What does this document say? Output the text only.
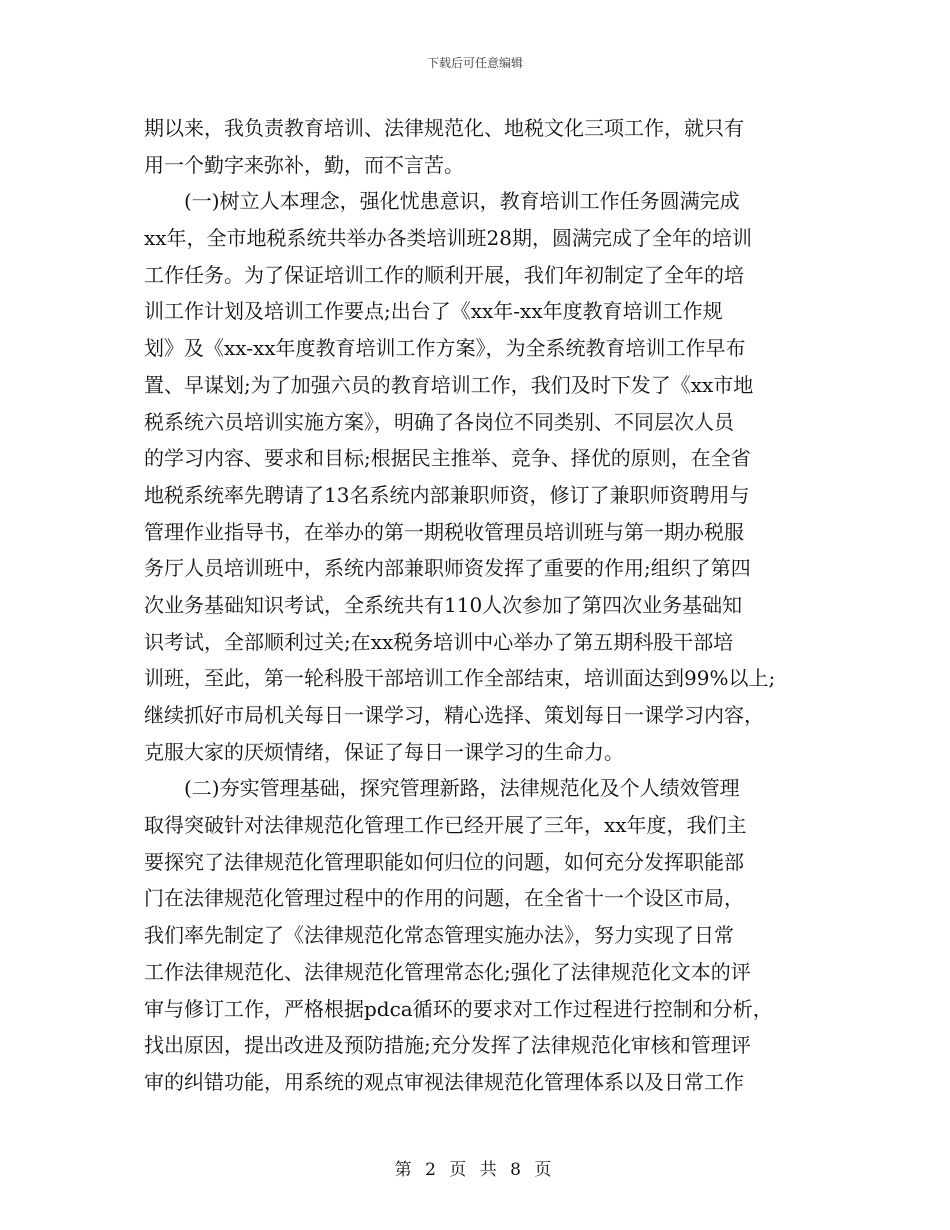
下载后可任意编辑
期以来，我负责教育培训、法律规范化、地税文化三项工作，就只有
用一个勤字来弥补，勤，而不言苦。
(一)树立人本理念，强化忧患意识，教育培训工作任务圆满完成
xx年，全市地税系统共举办各类培训班28期，圆满完成了全年的培训
工作任务。为了保证培训工作的顺利开展，我们年初制定了全年的培
训工作计划及培训工作要点;出台了《xx年-xx年度教育培训工作规
划》及《xx-xx年度教育培训工作方案》，为全系统教育培训工作早布
置、早谋划;为了加强六员的教育培训工作，我们及时下发了《xx市地
税系统六员培训实施方案》，明确了各岗位不同类别、不同层次人员
的学习内容、要求和目标;根据民主推举、竞争、择优的原则，在全省
地税系统率先聘请了13名系统内部兼职师资，修订了兼职师资聘用与
管理作业指导书，在举办的第一期税收管理员培训班与第一期办税服
务厅人员培训班中，系统内部兼职师资发挥了重要的作用;组织了第四
次业务基础知识考试，全系统共有110人次参加了第四次业务基础知
识考试，全部顺利过关;在xx税务培训中心举办了第五期科股干部培
训班，至此，第一轮科股干部培训工作全部结束，培训面达到99%以上;
继续抓好市局机关每日一课学习，精心选择、策划每日一课学习内容，
克服大家的厌烦情绪，保证了每日一课学习的生命力。
(二)夯实管理基础，探究管理新路，法律规范化及个人绩效管理
取得突破针对法律规范化管理工作已经开展了三年，xx年度，我们主
要探究了法律规范化管理职能如何归位的问题，如何充分发挥职能部
门在法律规范化管理过程中的作用的问题，在全省十一个设区市局，
我们率先制定了《法律规范化常态管理实施办法》，努力实现了日常
工作法律规范化、法律规范化管理常态化;强化了法律规范化文本的评
审与修订工作，严格根据pdca循环的要求对工作过程进行控制和分析，
找出原因，提出改进及预防措施;充分发挥了法律规范化审核和管理评
审的纠错功能，用系统的观点审视法律规范化管理体系以及日常工作
第 2 页 共 8 页
